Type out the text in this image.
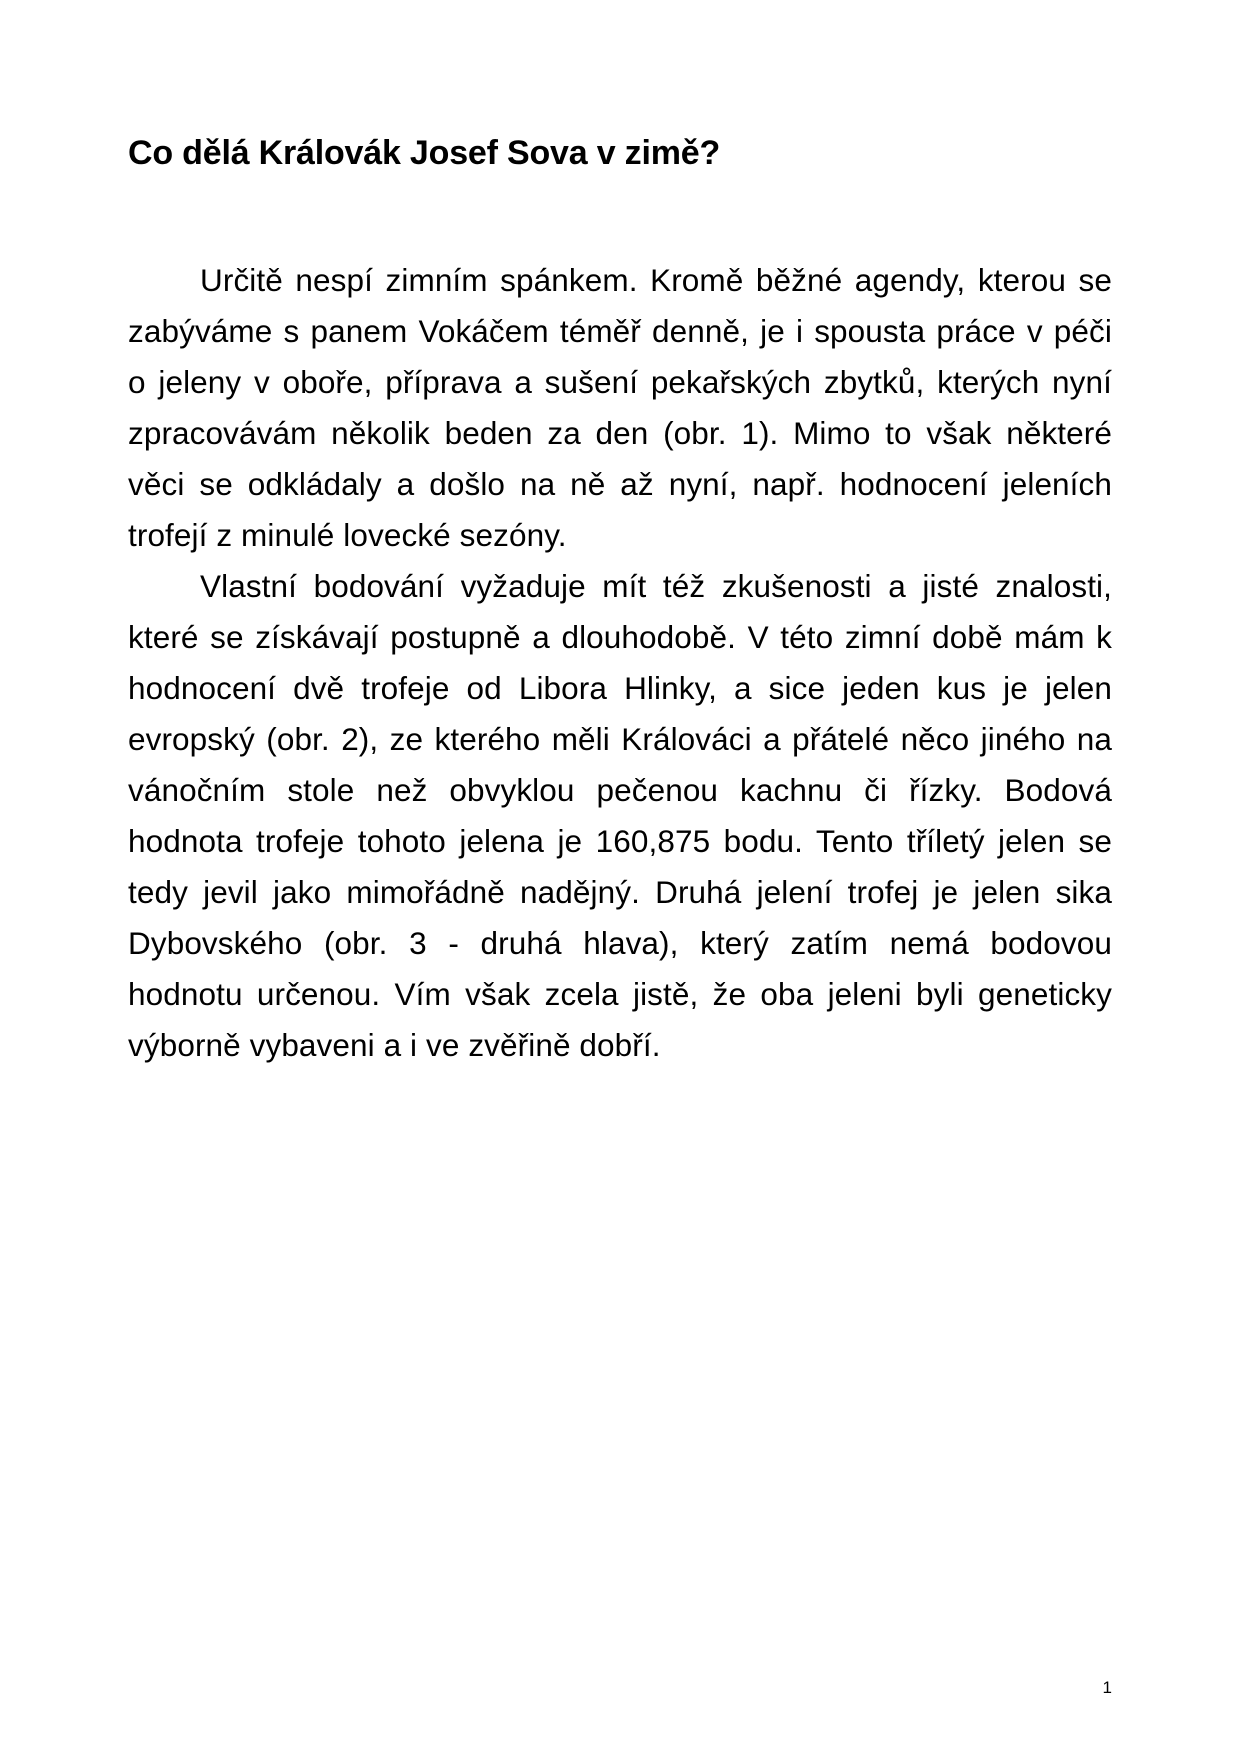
Co dělá Královák Josef Sova v zimě?

Určitě nespí zimním spánkem. Kromě běžné agendy, kterou se zabýváme s panem Vokáčem téměř denně, je i spousta práce v péči o jeleny v oboře, příprava a sušení pekařských zbytků, kterých nyní zpracovávám několik beden za den (obr. 1). Mimo to však některé věci se odkládaly a došlo na ně až nyní, např. hodnocení jeleních trofejí z minulé lovecké sezóny.

Vlastní bodování vyžaduje mít též zkušenosti a jisté znalosti, které se získávají postupně a dlouhodobě. V této zimní době mám k hodnocení dvě trofeje od Libora Hlinky, a sice jeden kus je jelen evropský (obr. 2), ze kterého měli Králováci a přátelé něco jiného na vánočním stole než obvyklou pečenou kachnu či řízky. Bodová hodnota trofeje tohoto jelena je 160,875 bodu. Tento tříletý jelen se tedy jevil jako mimořádně nadějný. Druhá jelení trofej je jelen sika Dybovského (obr. 3 - druhá hlava), který zatím nemá bodovou hodnotu určenou. Vím však zcela jistě, že oba jeleni byli geneticky výborně vybaveni a i ve zvěřině dobří.

1
